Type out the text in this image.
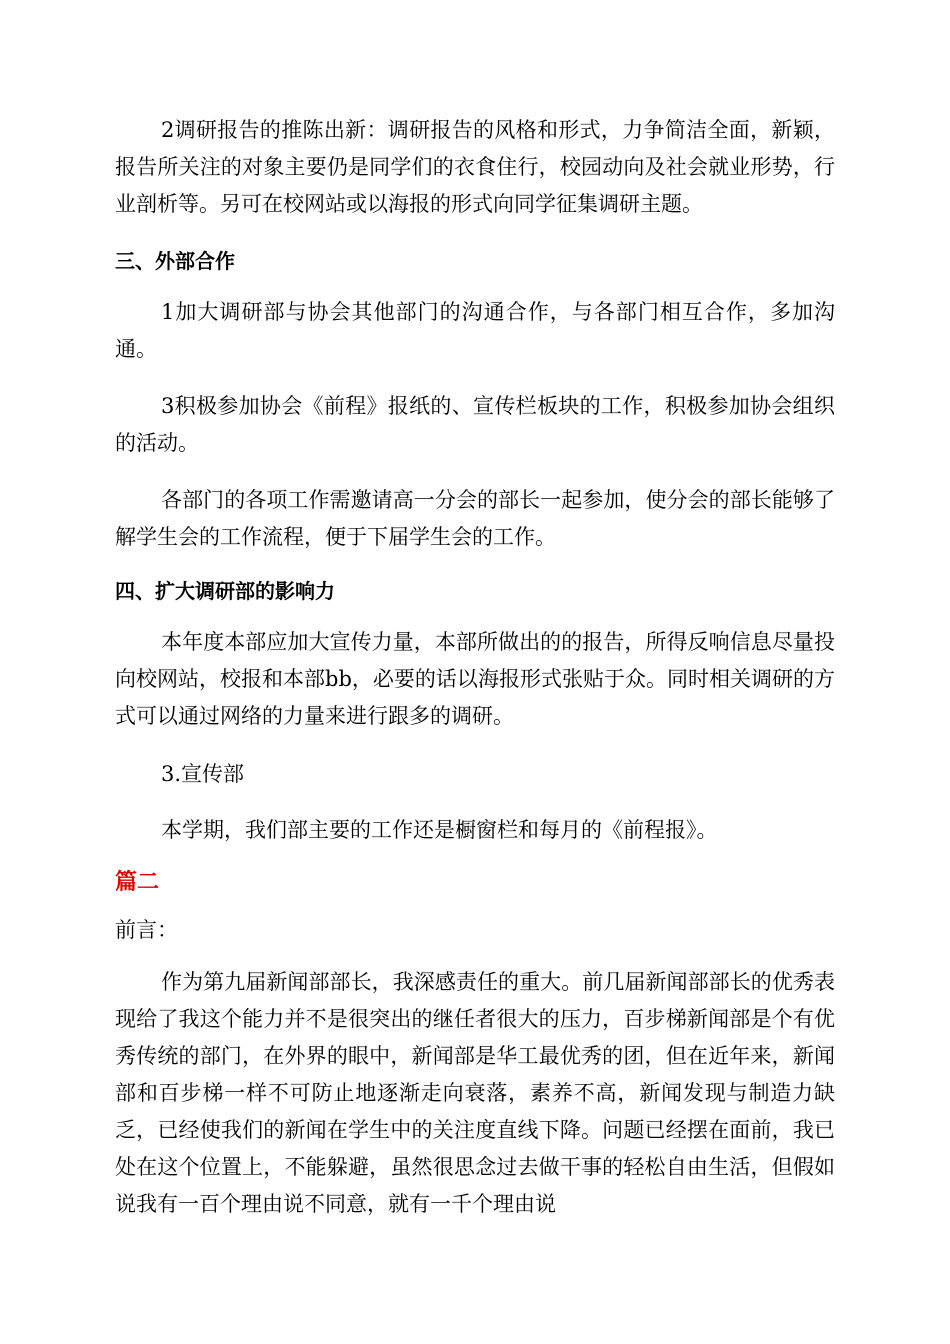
2调研报告的推陈出新：调研报告的风格和形式，力争简洁全面，新颖，报告所关注的对象主要仍是同学们的衣食住行，校园动向及社会就业形势，行业剖析等。另可在校网站或以海报的形式向同学征集调研主题。

三、外部合作

1加大调研部与协会其他部门的沟通合作，与各部门相互合作，多加沟通。

3积极参加协会《前程》报纸的、宣传栏板块的工作，积极参加协会组织的活动。

各部门的各项工作需邀请高一分会的部长一起参加，使分会的部长能够了解学生会的工作流程，便于下届学生会的工作。

四、扩大调研部的影响力

本年度本部应加大宣传力量，本部所做出的的报告，所得反响信息尽量投向校网站，校报和本部bb，必要的话以海报形式张贴于众。同时相关调研的方式可以通过网络的力量来进行跟多的调研。

3.宣传部

本学期，我们部主要的工作还是橱窗栏和每月的《前程报》。

篇二

前言：

作为第九届新闻部部长，我深感责任的重大。前几届新闻部部长的优秀表现给了我这个能力并不是很突出的继任者很大的压力，百步梯新闻部是个有优秀传统的部门，在外界的眼中，新闻部是华工最优秀的团，但在近年来，新闻部和百步梯一样不可防止地逐渐走向衰落，素养不高，新闻发现与制造力缺乏，已经使我们的新闻在学生中的关注度直线下降。问题已经摆在面前，我已处在这个位置上，不能躲避，虽然很思念过去做干事的轻松自由生活，但假如说我有一百个理由说不同意，就有一千个理由说
